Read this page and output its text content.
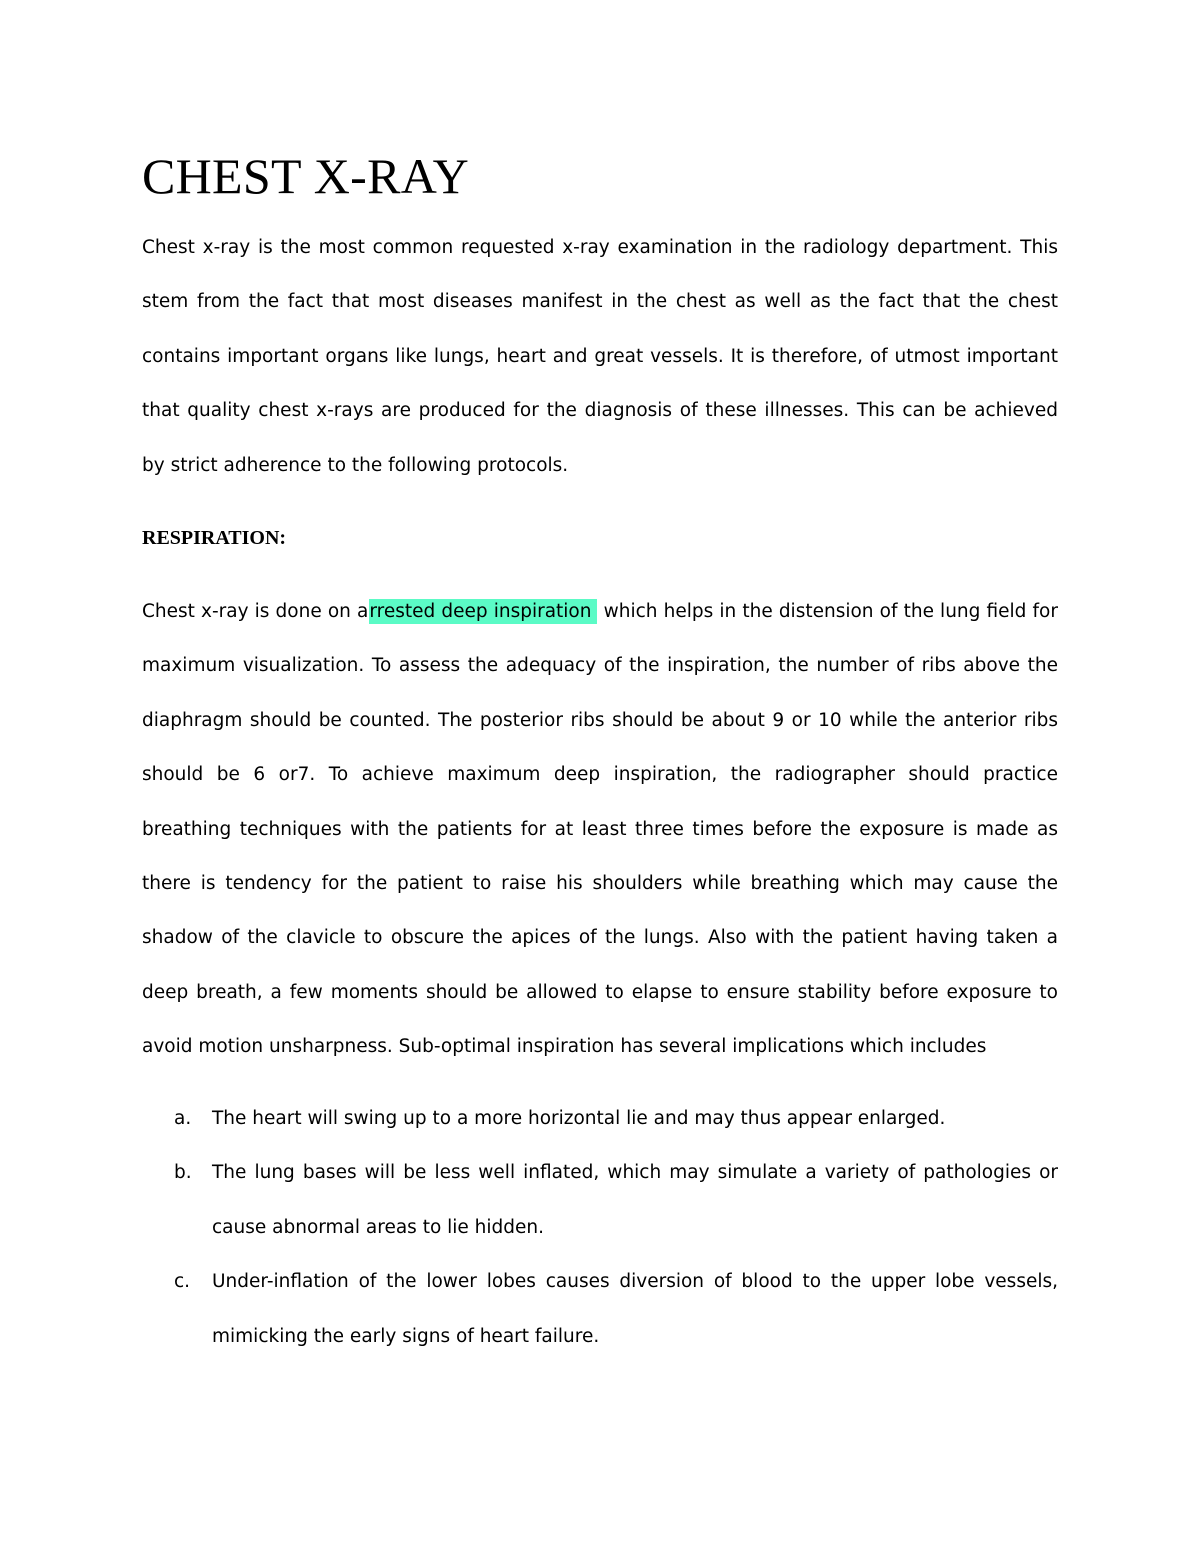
CHEST X-RAY

Chest x-ray is the most common requested x-ray examination in the radiology department. This stem from the fact that most diseases manifest in the chest as well as the fact that the chest contains important organs like lungs, heart and great vessels. It is therefore, of utmost important that quality chest x-rays are produced for the diagnosis of these illnesses. This can be achieved by strict adherence to the following protocols.

RESPIRATION:

Chest x-ray is done on arrested deep inspiration which helps in the distension of the lung field for maximum visualization. To assess the adequacy of the inspiration, the number of ribs above the diaphragm should be counted. The posterior ribs should be about 9 or 10 while the anterior ribs should be 6 or7. To achieve maximum deep inspiration, the radiographer should practice breathing techniques with the patients for at least three times before the exposure is made as there is tendency for the patient to raise his shoulders while breathing which may cause the shadow of the clavicle to obscure the apices of the lungs. Also with the patient having taken a deep breath, a few moments should be allowed to elapse to ensure stability before exposure to avoid motion unsharpness. Sub-optimal inspiration has several implications which includes

a. The heart will swing up to a more horizontal lie and may thus appear enlarged.
b. The lung bases will be less well inflated, which may simulate a variety of pathologies or cause abnormal areas to lie hidden.
c. Under-inflation of the lower lobes causes diversion of blood to the upper lobe vessels, mimicking the early signs of heart failure.
